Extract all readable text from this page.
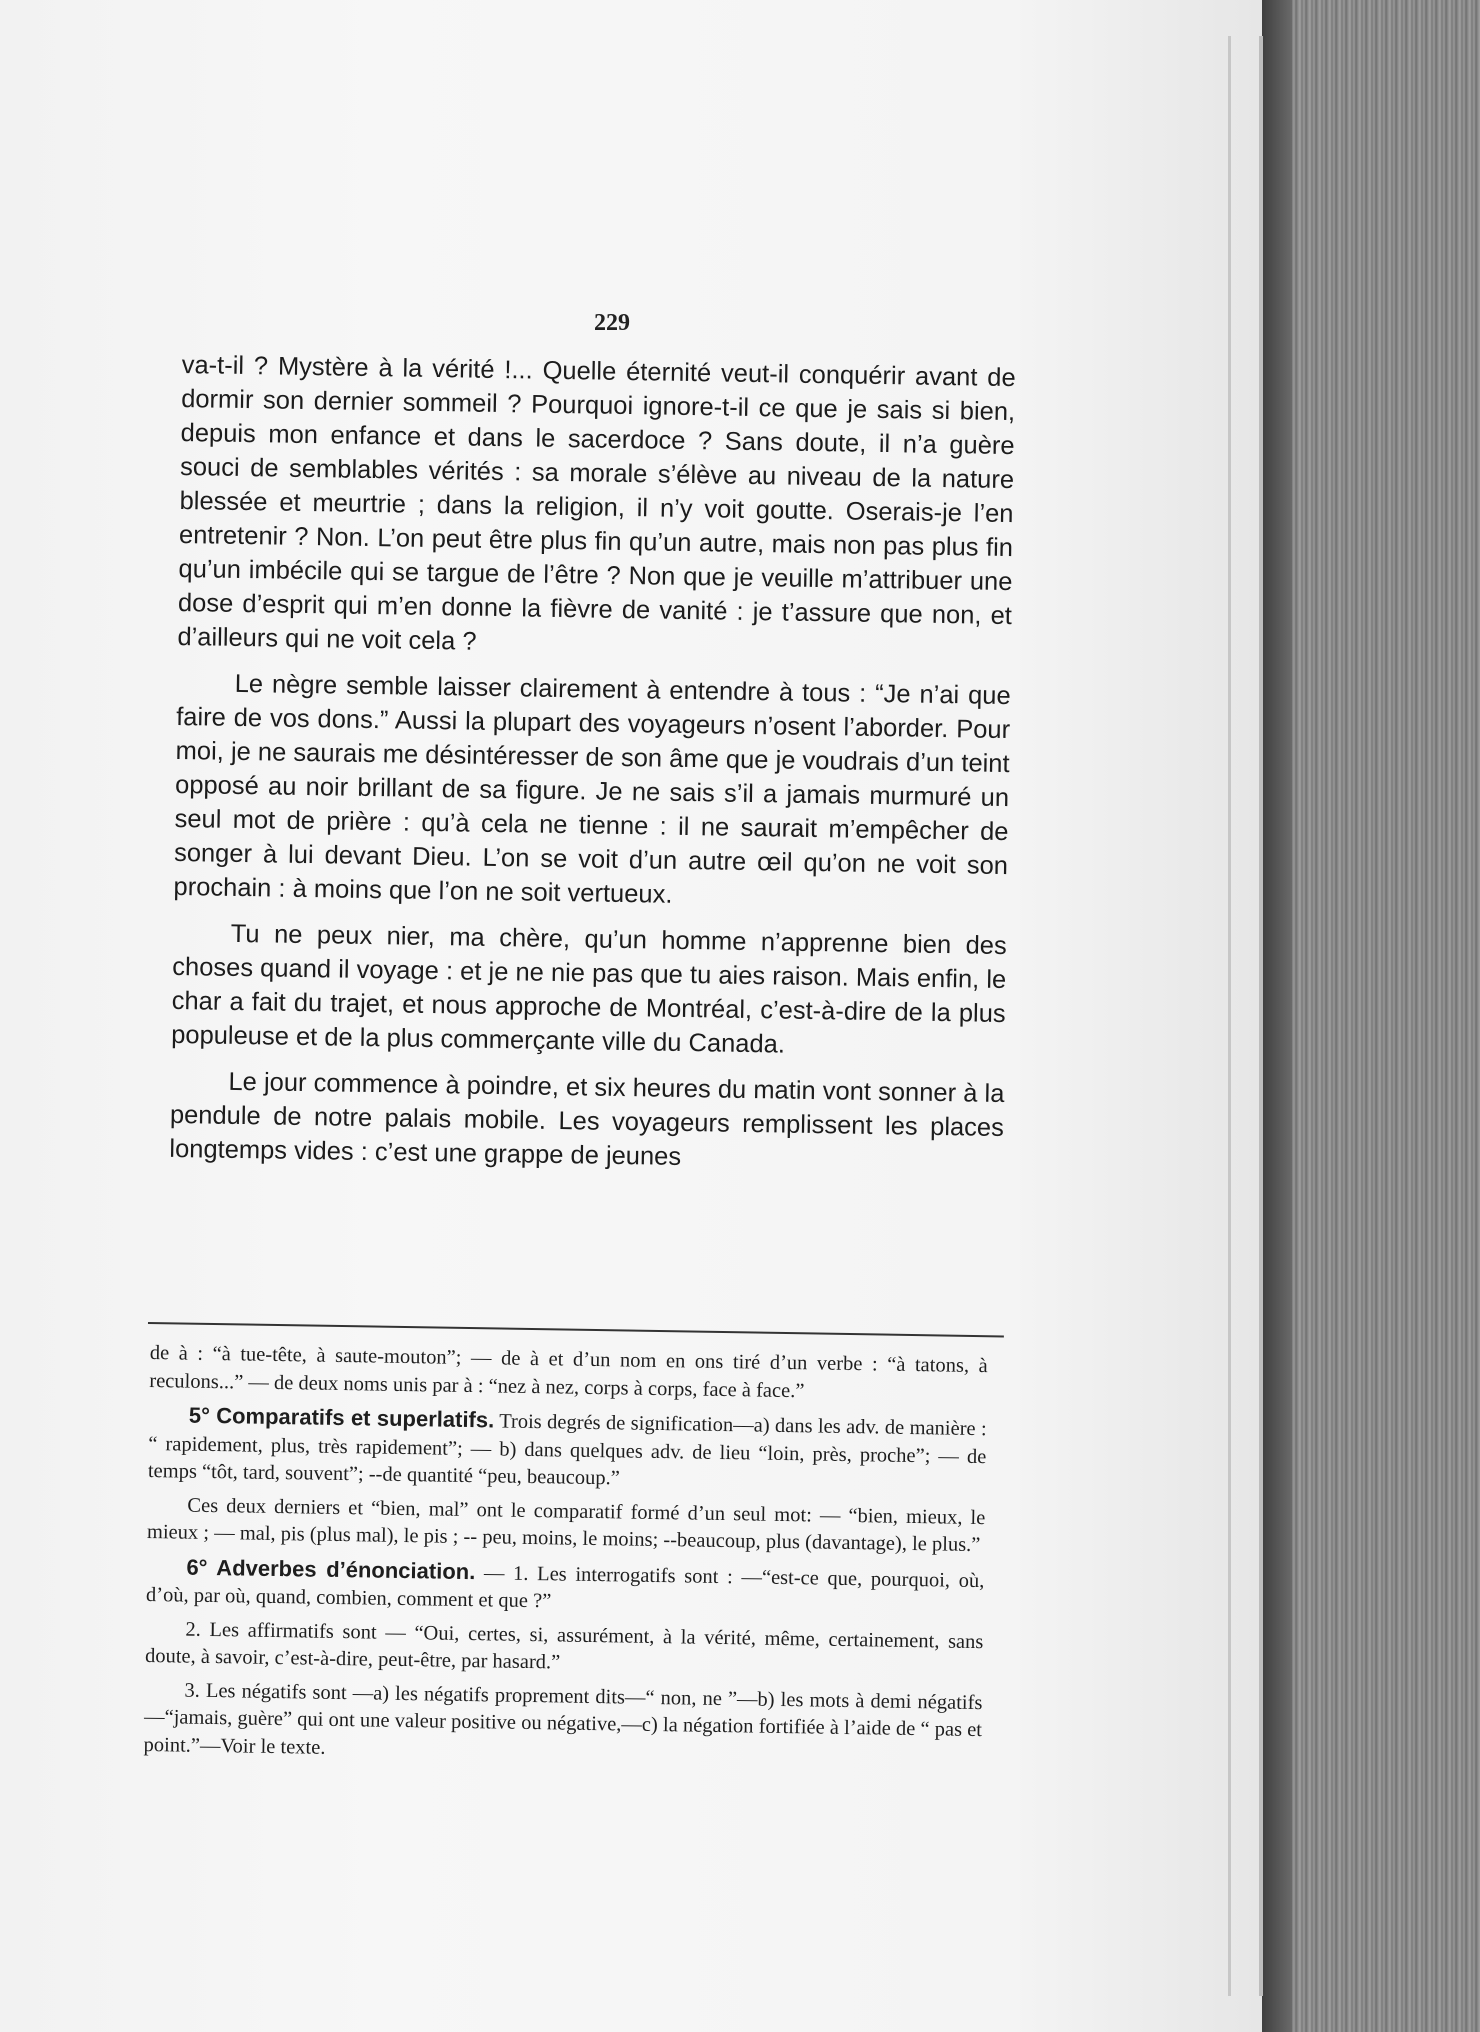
229

va-t-il ? Mystère à la vérité !... Quelle éternité veut-il conquérir avant de dormir son dernier sommeil ? Pourquoi ignore-t-il ce que je sais si bien, depuis mon enfance et dans le sacerdoce ? Sans doute, il n’a guère souci de semblables vérités : sa morale s’élève au niveau de la nature blessée et meurtrie ; dans la religion, il n’y voit goutte. Oserais-je l’en entretenir ? Non. L’on peut être plus fin qu’un autre, mais non pas plus fin qu’un imbécile qui se targue de l’être ? Non que je veuille m’attribuer une dose d’esprit qui m’en donne la fièvre de vanité : je t’assure que non, et d’ailleurs qui ne voit cela ?

Le nègre semble laisser clairement à entendre à tous : “Je n’ai que faire de vos dons.” Aussi la plupart des voyageurs n’osent l’aborder. Pour moi, je ne saurais me désintéresser de son âme que je voudrais d’un teint opposé au noir brillant de sa figure. Je ne sais s’il a jamais murmuré un seul mot de prière : qu’à cela ne tienne : il ne saurait m’empêcher de songer à lui devant Dieu. L’on se voit d’un autre œil qu’on ne voit son prochain : à moins que l’on ne soit vertueux.

Tu ne peux nier, ma chère, qu’un homme n’apprenne bien des choses quand il voyage : et je ne nie pas que tu aies raison. Mais enfin, le char a fait du trajet, et nous approche de Montréal, c’est-à-dire de la plus populeuse et de la plus commerçante ville du Canada.

Le jour commence à poindre, et six heures du matin vont sonner à la pendule de notre palais mobile. Les voyageurs remplissent les places longtemps vides : c’est une grappe de jeunes

de à : “à tue-tête, à saute-mouton”; — de à et d’un nom en ons tiré d’un verbe : “à tatons, à reculons...” — de deux noms unis par à : “nez à nez, corps à corps, face à face.”

5° Comparatifs et superlatifs. Trois degrés de signification—a) dans les adv. de manière : “ rapidement, plus, très rapidement”; — b) dans quelques adv. de lieu “loin, près, proche”; — de temps “tôt, tard, souvent”; --de quantité “peu, beaucoup.”

Ces deux derniers et “bien, mal” ont le comparatif formé d’un seul mot: — “bien, mieux, le mieux ; — mal, pis (plus mal), le pis ; -- peu, moins, le moins; --beaucoup, plus (davantage), le plus.”

6° Adverbes d’énonciation. — 1. Les interrogatifs sont : —“est-ce que, pourquoi, où, d’où, par où, quand, combien, comment et que ?”

2. Les affirmatifs sont — “Oui, certes, si, assurément, à la vérité, même, certainement, sans doute, à savoir, c’est-à-dire, peut-être, par hasard.”

3. Les négatifs sont —a) les négatifs proprement dits—“ non, ne ”—b) les mots à demi négatifs—“jamais, guère” qui ont une valeur positive ou négative,—c) la négation fortifiée à l’aide de “ pas et point.”—Voir le texte.
